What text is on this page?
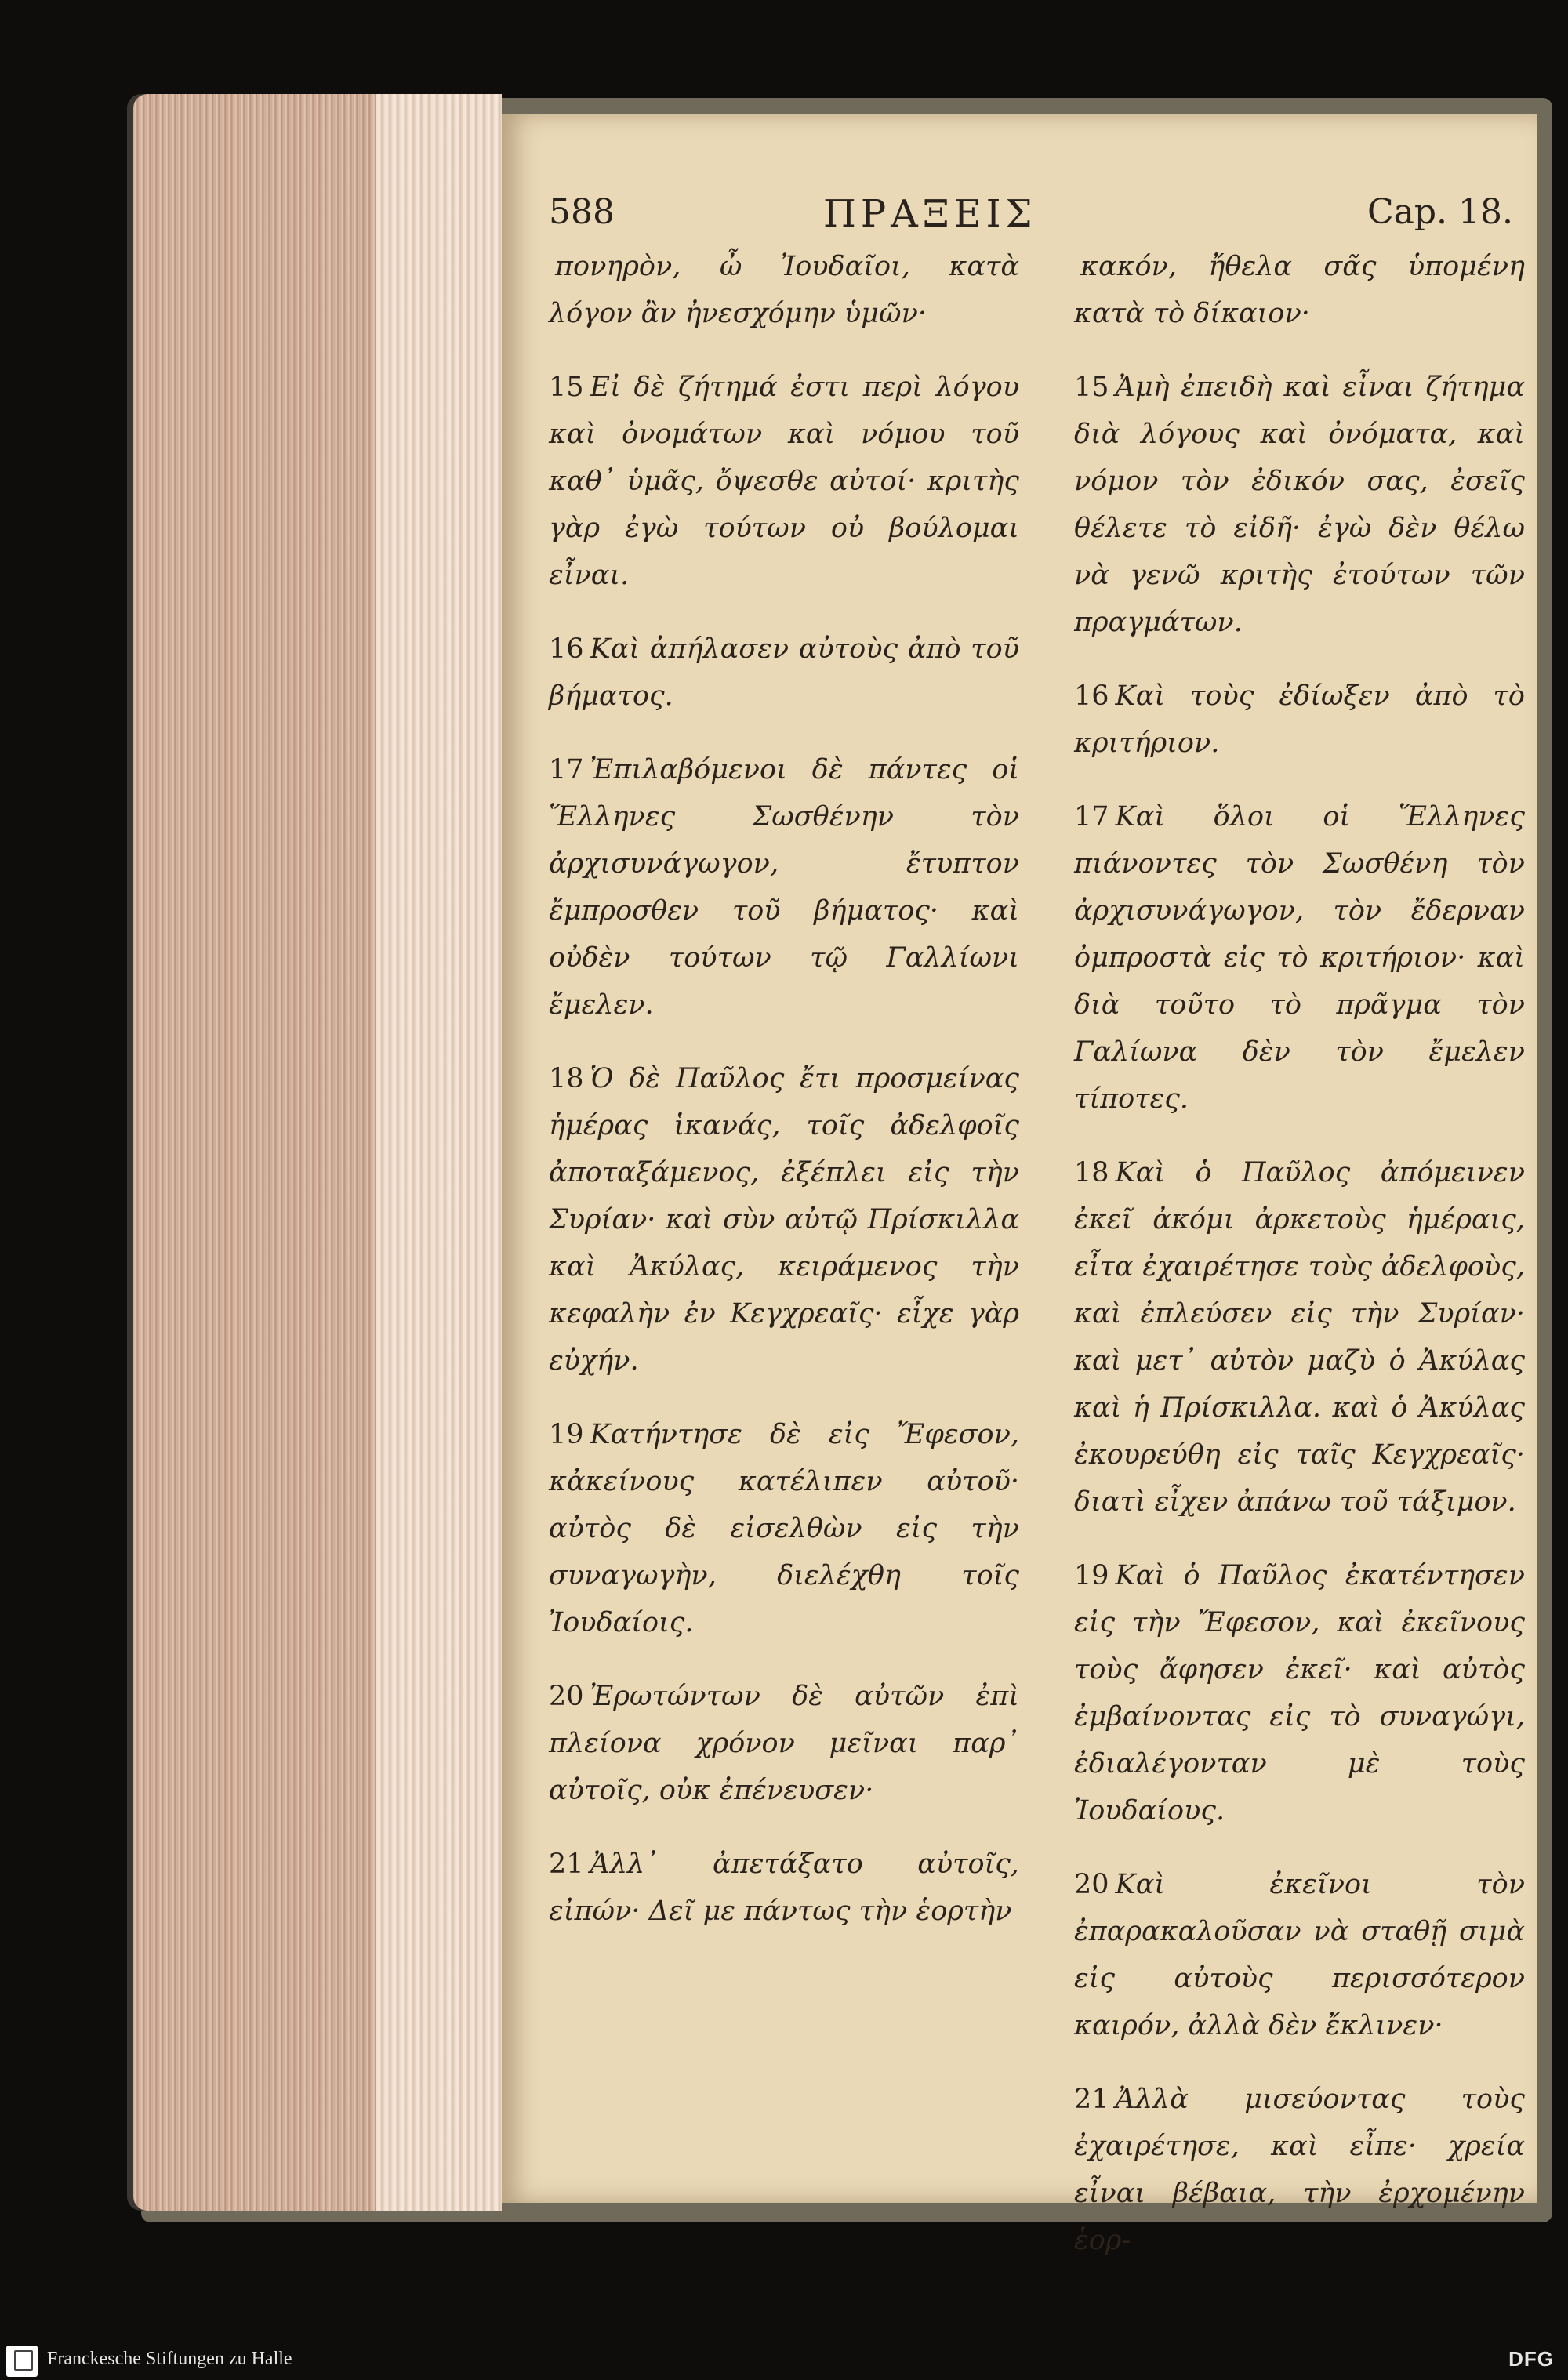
588	ΠΡΑΞΕΙΣ	Cap. 18.

πονηρὸν, ὦ Ἰουδαῖοι, κατὰ λόγον ἂν ἠνεσχόμην ὑμῶν·

15 Εἰ δὲ ζήτημά ἐστι περὶ λόγου καὶ ὀνομάτων καὶ νόμου τοῦ καθ᾽ ὑμᾶς, ὄψεσθε αὐτοί· κριτὴς γὰρ ἐγὼ τούτων οὐ βούλομαι εἶναι.

16 Καὶ ἀπήλασεν αὐτοὺς ἀπὸ τοῦ βήματος.

17 Ἐπιλαβόμενοι δὲ πάντες οἱ Ἕλληνες Σωσθένην τὸν ἀρχισυνάγωγον, ἔτυπτον ἔμπροσθεν τοῦ βήματος· καὶ οὐδὲν τούτων τῷ Γαλλίωνι ἔμελεν.

18 Ὁ δὲ Παῦλος ἔτι προσμείνας ἡμέρας ἱκανάς, τοῖς ἀδελφοῖς ἀποταξάμενος, ἐξέπλει εἰς τὴν Συρίαν· καὶ σὺν αὐτῷ Πρίσκιλλα καὶ Ἀκύλας, κειράμενος τὴν κεφαλὴν ἐν Κεγχρεαῖς· εἶχε γὰρ εὐχήν.

19 Κατήντησε δὲ εἰς Ἔφεσον, κἀκείνους κατέλιπεν αὐτοῦ· αὐτὸς δὲ εἰσελθὼν εἰς τὴν συναγωγὴν, διελέχθη τοῖς Ἰουδαίοις.

20 Ἐρωτώντων δὲ αὐτῶν ἐπὶ πλείονα χρόνον μεῖναι παρ᾽ αὐτοῖς, οὐκ ἐπένευσεν·

21 Ἀλλ᾽ ἀπετάξατο αὐτοῖς, εἰπών· Δεῖ με πάντως τὴν ἑορτὴν

κακόν, ἤθελα σᾶς ὑπομένη κατὰ τὸ δίκαιον·

15 Ἀμὴ ἐπειδὴ καὶ εἶναι ζήτημα διὰ λόγους καὶ ὀνόματα, καὶ νόμον τὸν ἐδικόν σας, ἐσεῖς θέλετε τὸ εἰδῆ· ἐγὼ δὲν θέλω νὰ γενῶ κριτὴς ἐτούτων τῶν πραγμάτων.

16 Καὶ τοὺς ἐδίωξεν ἀπὸ τὸ κριτήριον.

17 Καὶ ὅλοι οἱ Ἕλληνες πιάνοντες τὸν Σωσθένη τὸν ἀρχισυνάγωγον, τὸν ἔδερναν ὀμπροστὰ εἰς τὸ κριτήριον· καὶ διὰ τοῦτο τὸ πρᾶγμα τὸν Γαλίωνα δὲν τὸν ἔμελεν τίποτες.

18 Καὶ ὁ Παῦλος ἀπόμεινεν ἐκεῖ ἀκόμι ἀρκετοὺς ἡμέραις, εἶτα ἐχαιρέτησε τοὺς ἀδελφοὺς, καὶ ἐπλεύσεν εἰς τὴν Συρίαν· καὶ μετ᾽ αὐτὸν μαζὺ ὁ Ἀκύλας καὶ ἡ Πρίσκιλλα. καὶ ὁ Ἀκύλας ἐκουρεύθη εἰς ταῖς Κεγχρεαῖς· διατὶ εἶχεν ἀπάνω τοῦ τάξιμον.

19 Καὶ ὁ Παῦλος ἐκατέντησεν εἰς τὴν Ἔφεσον, καὶ ἐκεῖνους τοὺς ἄφησεν ἐκεῖ· καὶ αὐτὸς ἐμβαίνοντας εἰς τὸ συναγώγι, ἐδιαλέγονταν μὲ τοὺς Ἰουδαίους.

20 Καὶ ἐκεῖνοι τὸν ἐπαρακαλοῦσαν νὰ σταθῇ σιμὰ εἰς αὐτοὺς περισσότερον καιρόν, ἀλλὰ δὲν ἔκλινεν·

21 Ἀλλὰ μισεύοντας τοὺς ἐχαιρέτησε, καὶ εἶπε· χρεία εἶναι βέβαια, τὴν ἐρχομένην ἑορ-

Franckesche Stiftungen zu Halle	DFG
